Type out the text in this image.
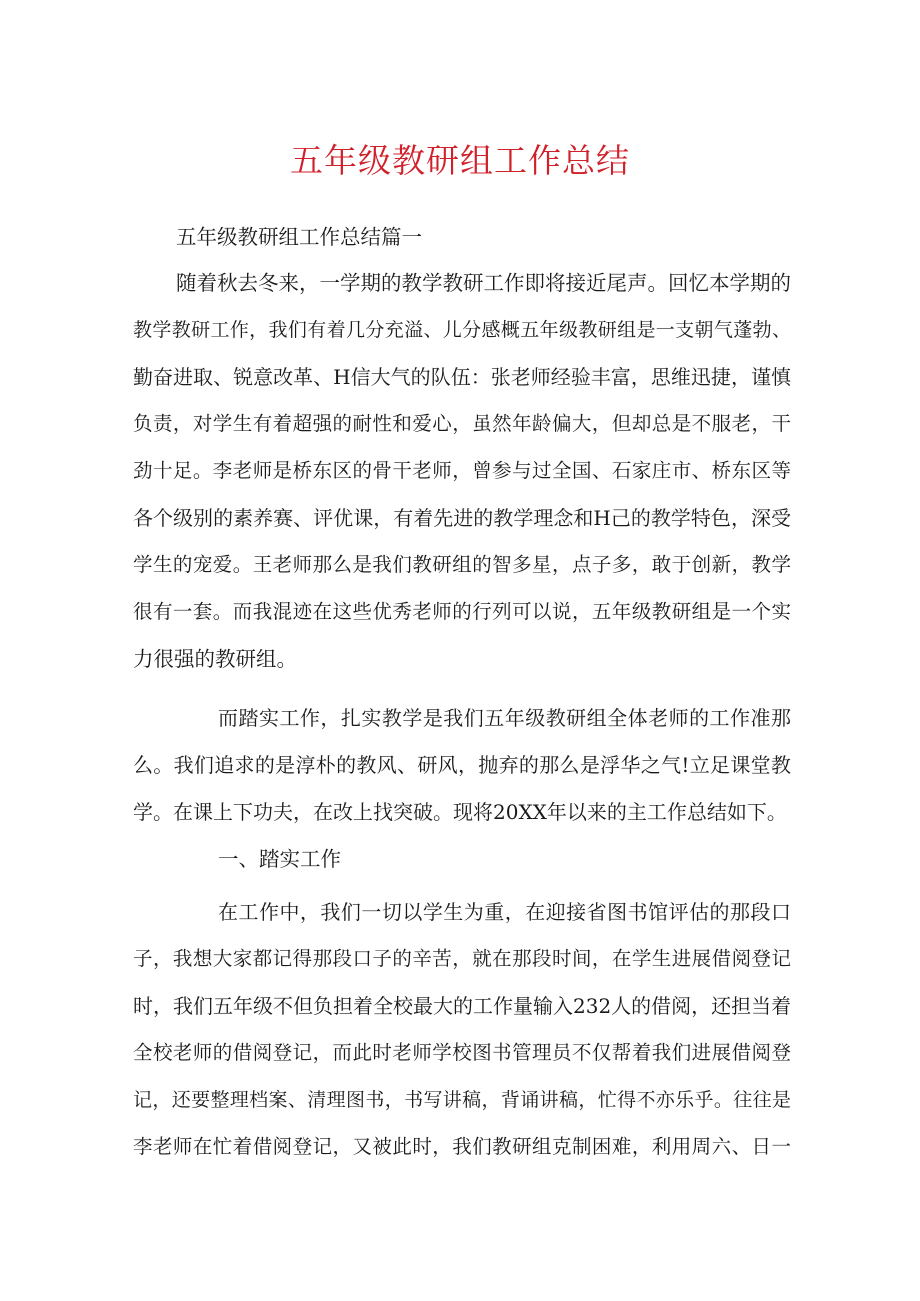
五年级教研组工作总结
五年级教研组工作总结篇一
随着秋去冬来，一学期的教学教研工作即将接近尾声。回忆本学期的
教学教研工作，我们有着几分充溢、儿分感概五年级教研组是一支朝气蓬勃、
勤奋进取、锐意改革、H信大气的队伍：张老师经验丰富，思维迅捷，谨慎
负责，对学生有着超强的耐性和爱心，虽然年龄偏大，但却总是不服老，干
劲十足。李老师是桥东区的骨干老师，曾参与过全国、石家庄市、桥东区等
各个级别的素养赛、评优课，有着先进的教学理念和H己的教学特色，深受
学生的宠爱。王老师那么是我们教研组的智多星，点子多，敢于创新，教学
很有一套。而我混迹在这些优秀老师的行列可以说，五年级教研组是一个实
力很强的教研组。
而踏实工作，扎实教学是我们五年级教研组全体老师的工作准那
么。我们追求的是淳朴的教风、研风，抛弃的那么是浮华之气!立足课堂教
学。在课上下功夫，在改上找突破。现将20XX年以来的主工作总结如下。
一、踏实工作
在工作中，我们一切以学生为重，在迎接省图书馆评估的那段口
子，我想大家都记得那段口子的辛苦，就在那段时间，在学生进展借阅登记
时，我们五年级不但负担着全校最大的工作量输入232人的借阅，还担当着
全校老师的借阅登记，而此时老师学校图书管理员不仅帮着我们进展借阅登
记，还要整理档案、清理图书，书写讲稿，背诵讲稿，忙得不亦乐乎。往往是
李老师在忙着借阅登记，又被此时，我们教研组克制困难，利用周六、日一
